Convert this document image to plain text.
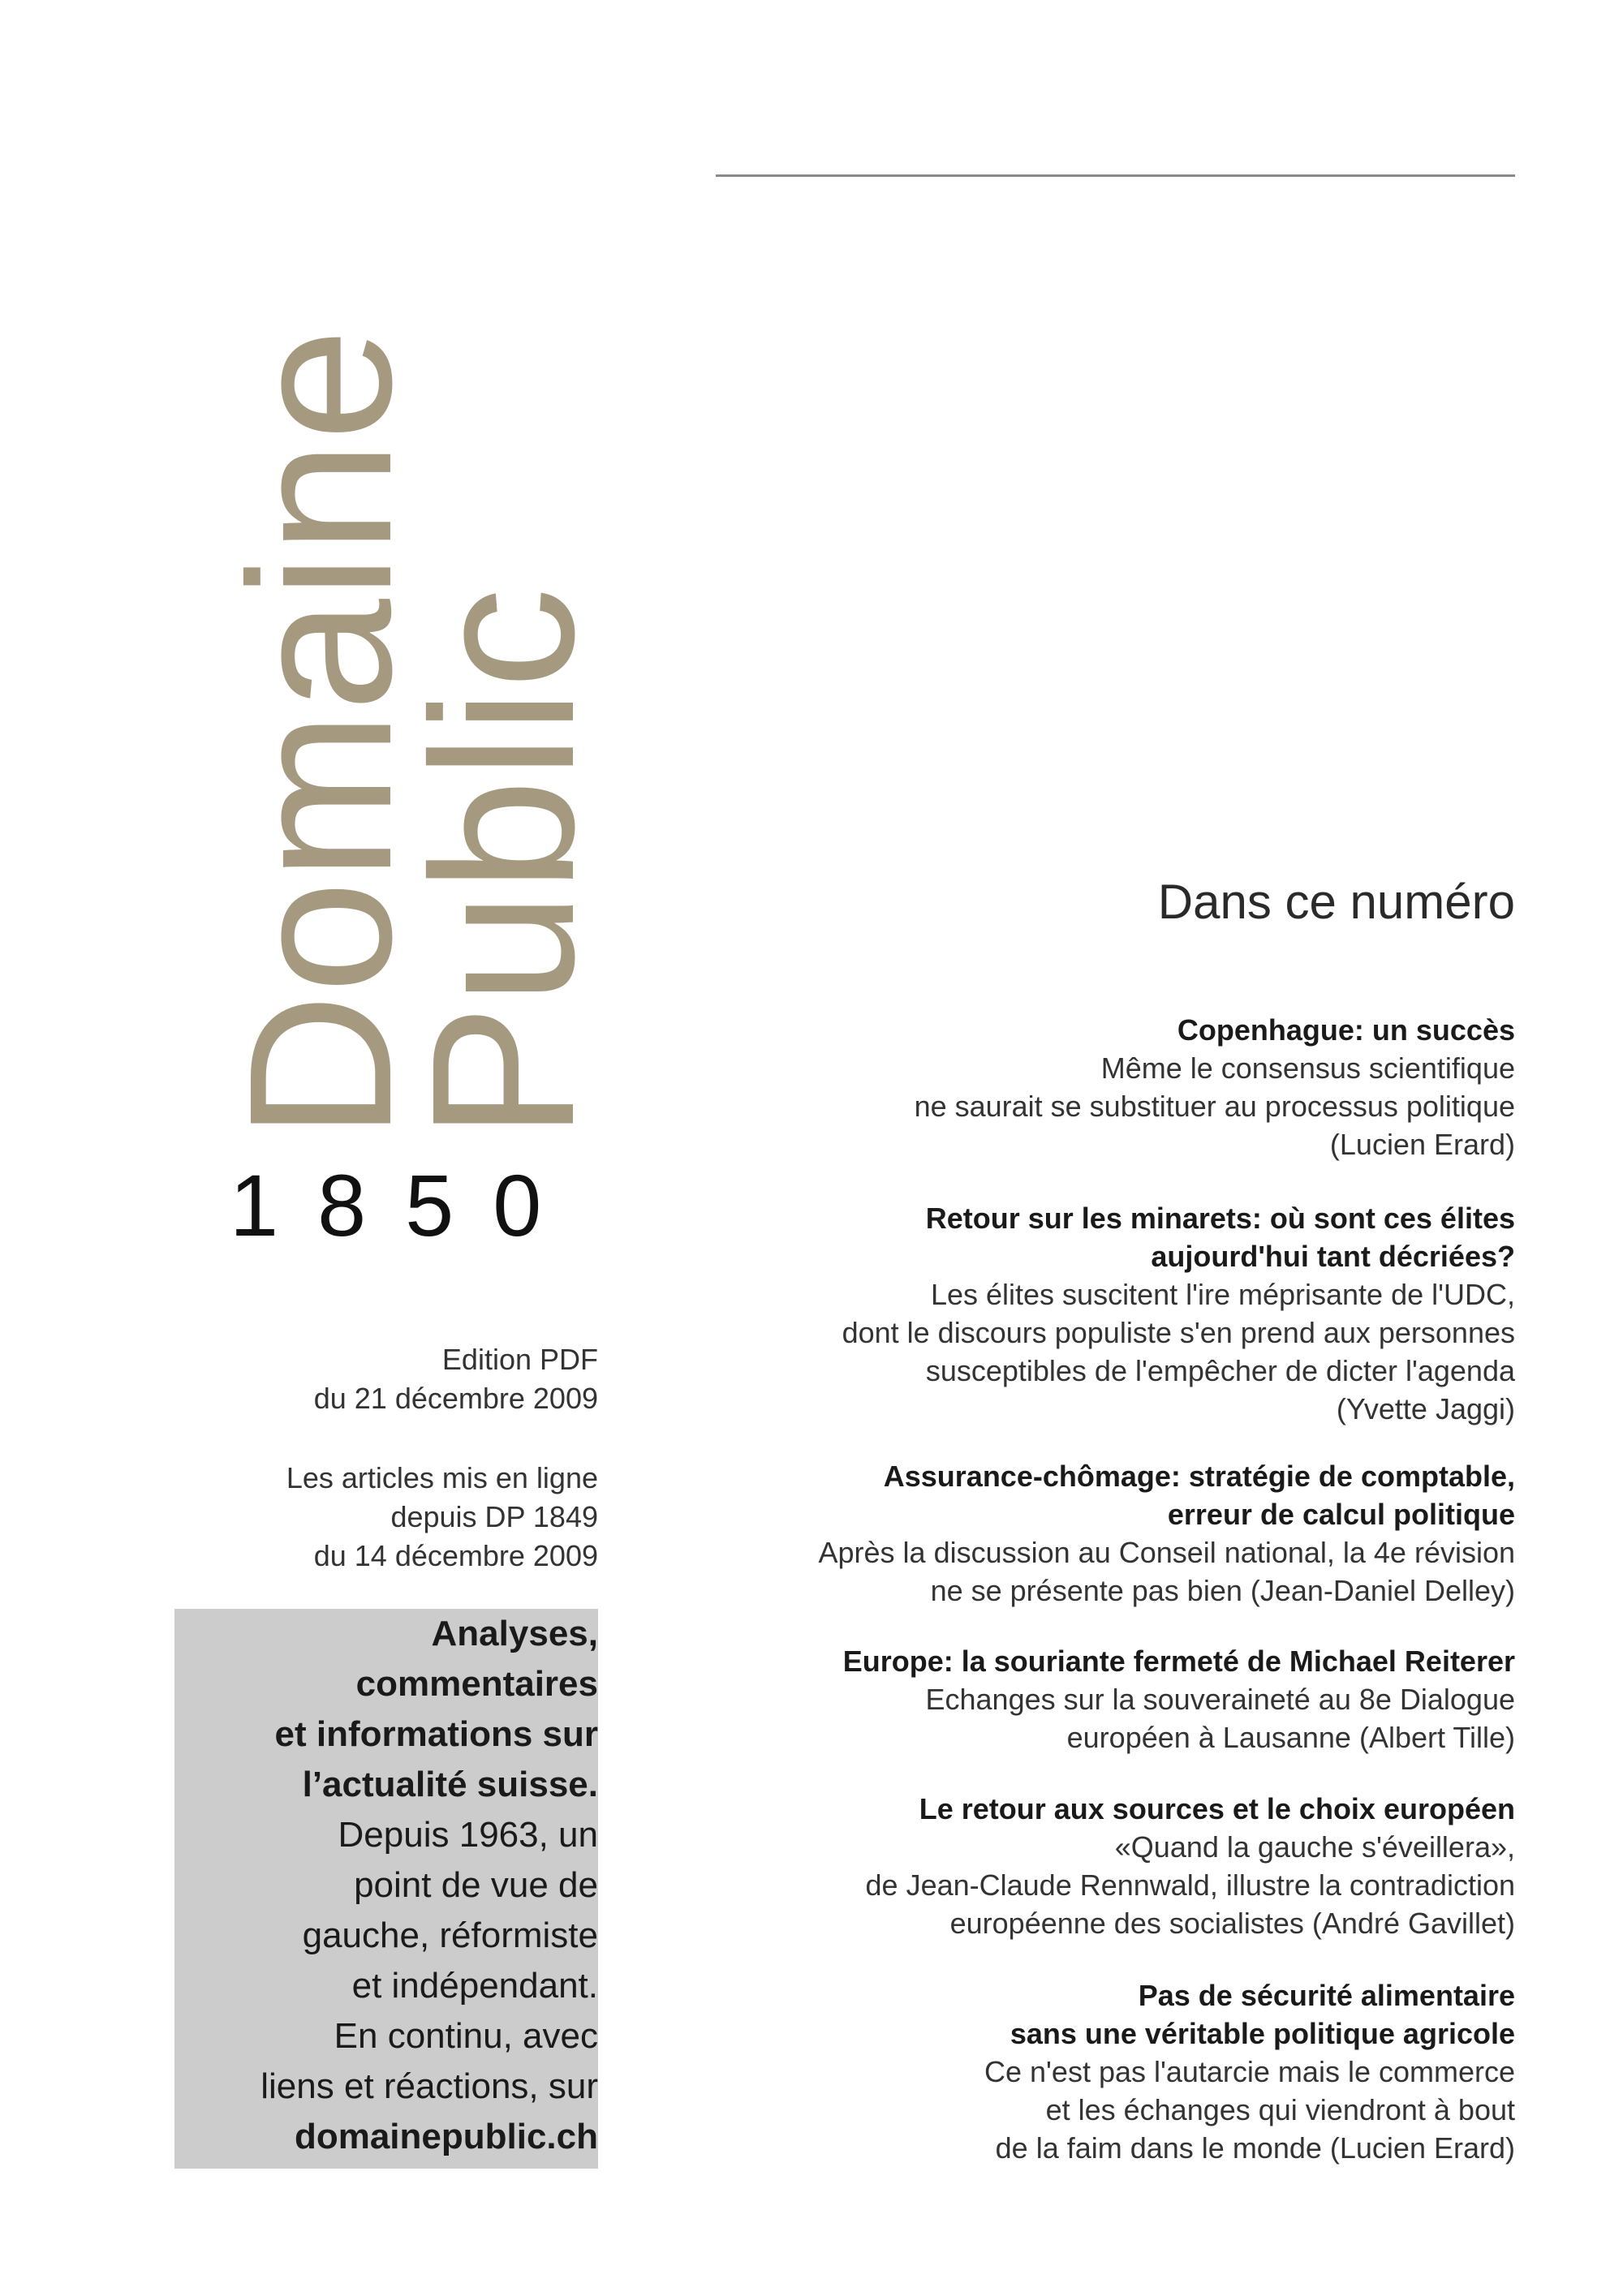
Domaine
Public
1850
Edition PDF
du 21 décembre 2009
Les articles mis en ligne
depuis DP 1849
du 14 décembre 2009
Analyses,
commentaires
et informations sur
l’actualité suisse.
Depuis 1963, un
point de vue de
gauche, réformiste
et indépendant.
En continu, avec
liens et réactions, sur
domainepublic.ch
Dans ce numéro
Copenhague: un succès
Même le consensus scientifique
ne saurait se substituer au processus politique
(Lucien Erard)
Retour sur les minarets: où sont ces élites
aujourd'hui tant décriées?
Les élites suscitent l'ire méprisante de l'UDC,
dont le discours populiste s'en prend aux personnes
susceptibles de l'empêcher de dicter l'agenda
(Yvette Jaggi)
Assurance-chômage: stratégie de comptable,
erreur de calcul politique
Après la discussion au Conseil national, la 4e révision
ne se présente pas bien (Jean-Daniel Delley)
Europe: la souriante fermeté de Michael Reiterer
Echanges sur la souveraineté au 8e Dialogue
européen à Lausanne (Albert Tille)
Le retour aux sources et le choix européen
«Quand la gauche s'éveillera»,
de Jean-Claude Rennwald, illustre la contradiction
européenne des socialistes (André Gavillet)
Pas de sécurité alimentaire
sans une véritable politique agricole
Ce n'est pas l'autarcie mais le commerce
et les échanges qui viendront à bout
de la faim dans le monde (Lucien Erard)
